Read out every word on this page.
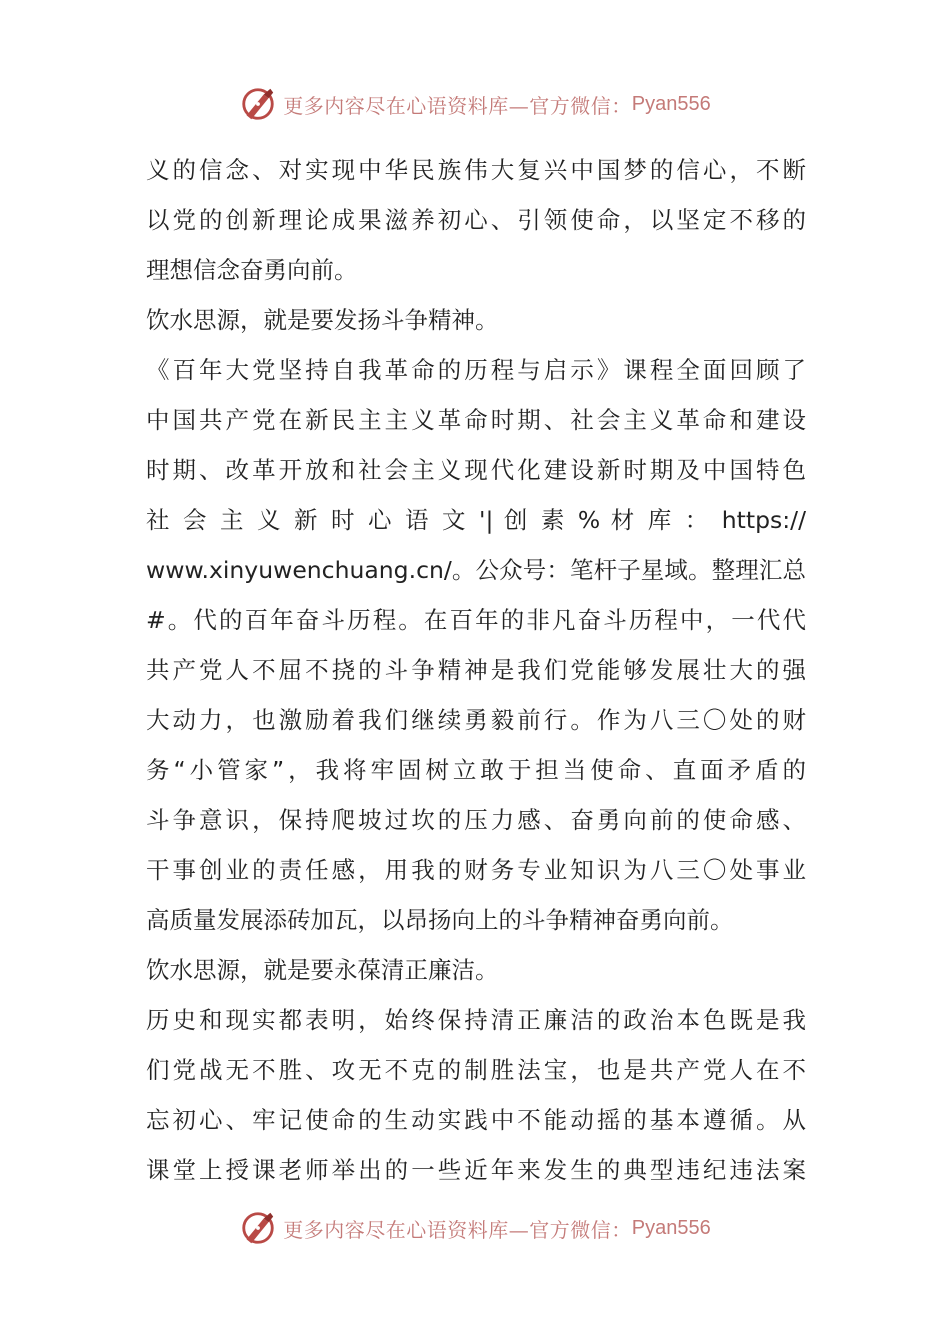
更多内容尽在心语资料库—官方微信： Pyan556
义的信念、对实现中华民族伟大复兴中国梦的信心，不断
以党的创新理论成果滋养初心、引领使命，以坚定不移的
理想信念奋勇向前。
饮水思源，就是要发扬斗争精神。
《百年大党坚持自我革命的历程与启示》课程全面回顾了
中国共产党在新民主主义革命时期、社会主义革命和建设
时期、改革开放和社会主义现代化建设新时期及中国特色
社 会 主 义 新 时 心 语 文 '| 创 素 % 材 库 ： https://
www.xinyuwenchuang.cn/。公众号：笔杆子星域。整理汇总
#。代的百年奋斗历程。在百年的非凡奋斗历程中，一代代
共产党人不屈不挠的斗争精神是我们党能够发展壮大的强
大动力，也激励着我们继续勇毅前行。作为八三〇处的财
务“小管家”，我将牢固树立敢于担当使命、直面矛盾的
斗争意识，保持爬坡过坎的压力感、奋勇向前的使命感、
干事创业的责任感，用我的财务专业知识为八三〇处事业
高质量发展添砖加瓦，以昂扬向上的斗争精神奋勇向前。
饮水思源，就是要永葆清正廉洁。
历史和现实都表明，始终保持清正廉洁的政治本色既是我
们党战无不胜、攻无不克的制胜法宝，也是共产党人在不
忘初心、牢记使命的生动实践中不能动摇的基本遵循。从
课堂上授课老师举出的一些近年来发生的典型违纪违法案
更多内容尽在心语资料库—官方微信： Pyan556
